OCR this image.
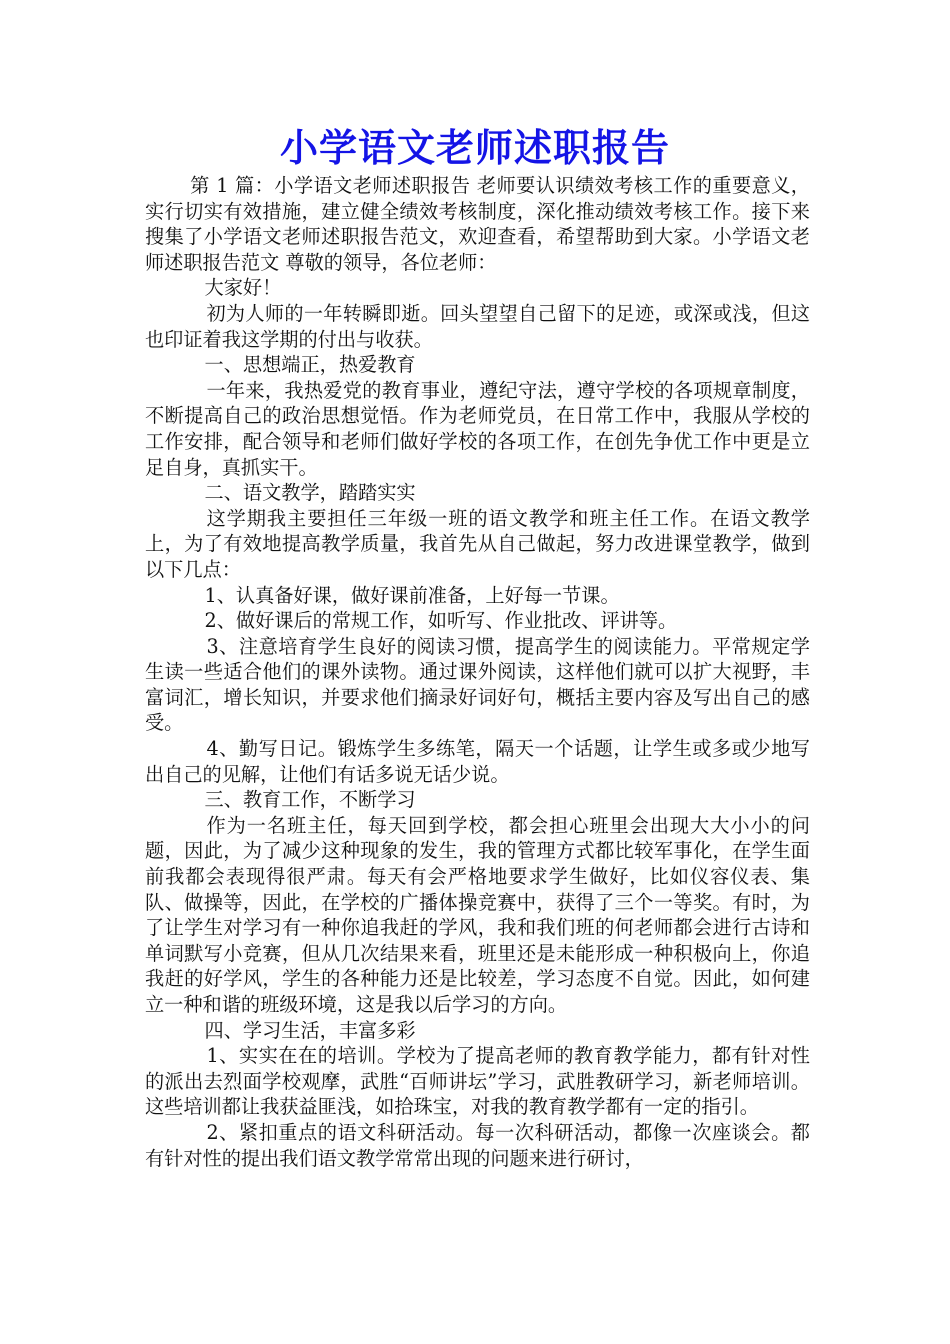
小学语文老师述职报告

第 1 篇：小学语文老师述职报告 老师要认识绩效考核工作的重要意义，实行切实有效措施，建立健全绩效考核制度，深化推动绩效考核工作。接下来搜集了小学语文老师述职报告范文，欢迎查看，希望帮助到大家。小学语文老师述职报告范文 尊敬的领导，各位老师：

大家好！

初为人师的一年转瞬即逝。回头望望自己留下的足迹，或深或浅，但这也印证着我这学期的付出与收获。

一、思想端正，热爱教育

一年来，我热爱党的教育事业，遵纪守法，遵守学校的各项规章制度，不断提高自己的政治思想觉悟。作为老师党员，在日常工作中，我服从学校的工作安排，配合领导和老师们做好学校的各项工作，在创先争优工作中更是立足自身，真抓实干。

二、语文教学，踏踏实实

这学期我主要担任三年级一班的语文教学和班主任工作。在语文教学上，为了有效地提高教学质量，我首先从自己做起，努力改进课堂教学，做到以下几点：

1、认真备好课，做好课前准备，上好每一节课。

2、做好课后的常规工作，如听写、作业批改、评讲等。

3、注意培育学生良好的阅读习惯，提高学生的阅读能力。平常规定学生读一些适合他们的课外读物。通过课外阅读，这样他们就可以扩大视野，丰富词汇，增长知识，并要求他们摘录好词好句，概括主要内容及写出自己的感受。

4、勤写日记。锻炼学生多练笔，隔天一个话题，让学生或多或少地写出自己的见解，让他们有话多说无话少说。

三、教育工作，不断学习

作为一名班主任，每天回到学校，都会担心班里会出现大大小小的问题，因此，为了减少这种现象的发生，我的管理方式都比较军事化，在学生面前我都会表现得很严肃。每天有会严格地要求学生做好，比如仪容仪表、集队、做操等，因此，在学校的广播体操竞赛中，获得了三个一等奖。有时，为了让学生对学习有一种你追我赶的学风，我和我们班的何老师都会进行古诗和单词默写小竞赛，但从几次结果来看，班里还是未能形成一种积极向上，你追我赶的好学风，学生的各种能力还是比较差，学习态度不自觉。因此，如何建立一种和谐的班级环境，这是我以后学习的方向。

四、学习生活，丰富多彩

1、实实在在的培训。学校为了提高老师的教育教学能力，都有针对性的派出去烈面学校观摩，武胜“百师讲坛”学习，武胜教研学习，新老师培训。这些培训都让我获益匪浅，如拾珠宝，对我的教育教学都有一定的指引。

2、紧扣重点的语文科研活动。每一次科研活动，都像一次座谈会。都有针对性的提出我们语文教学常常出现的问题来进行研讨，
